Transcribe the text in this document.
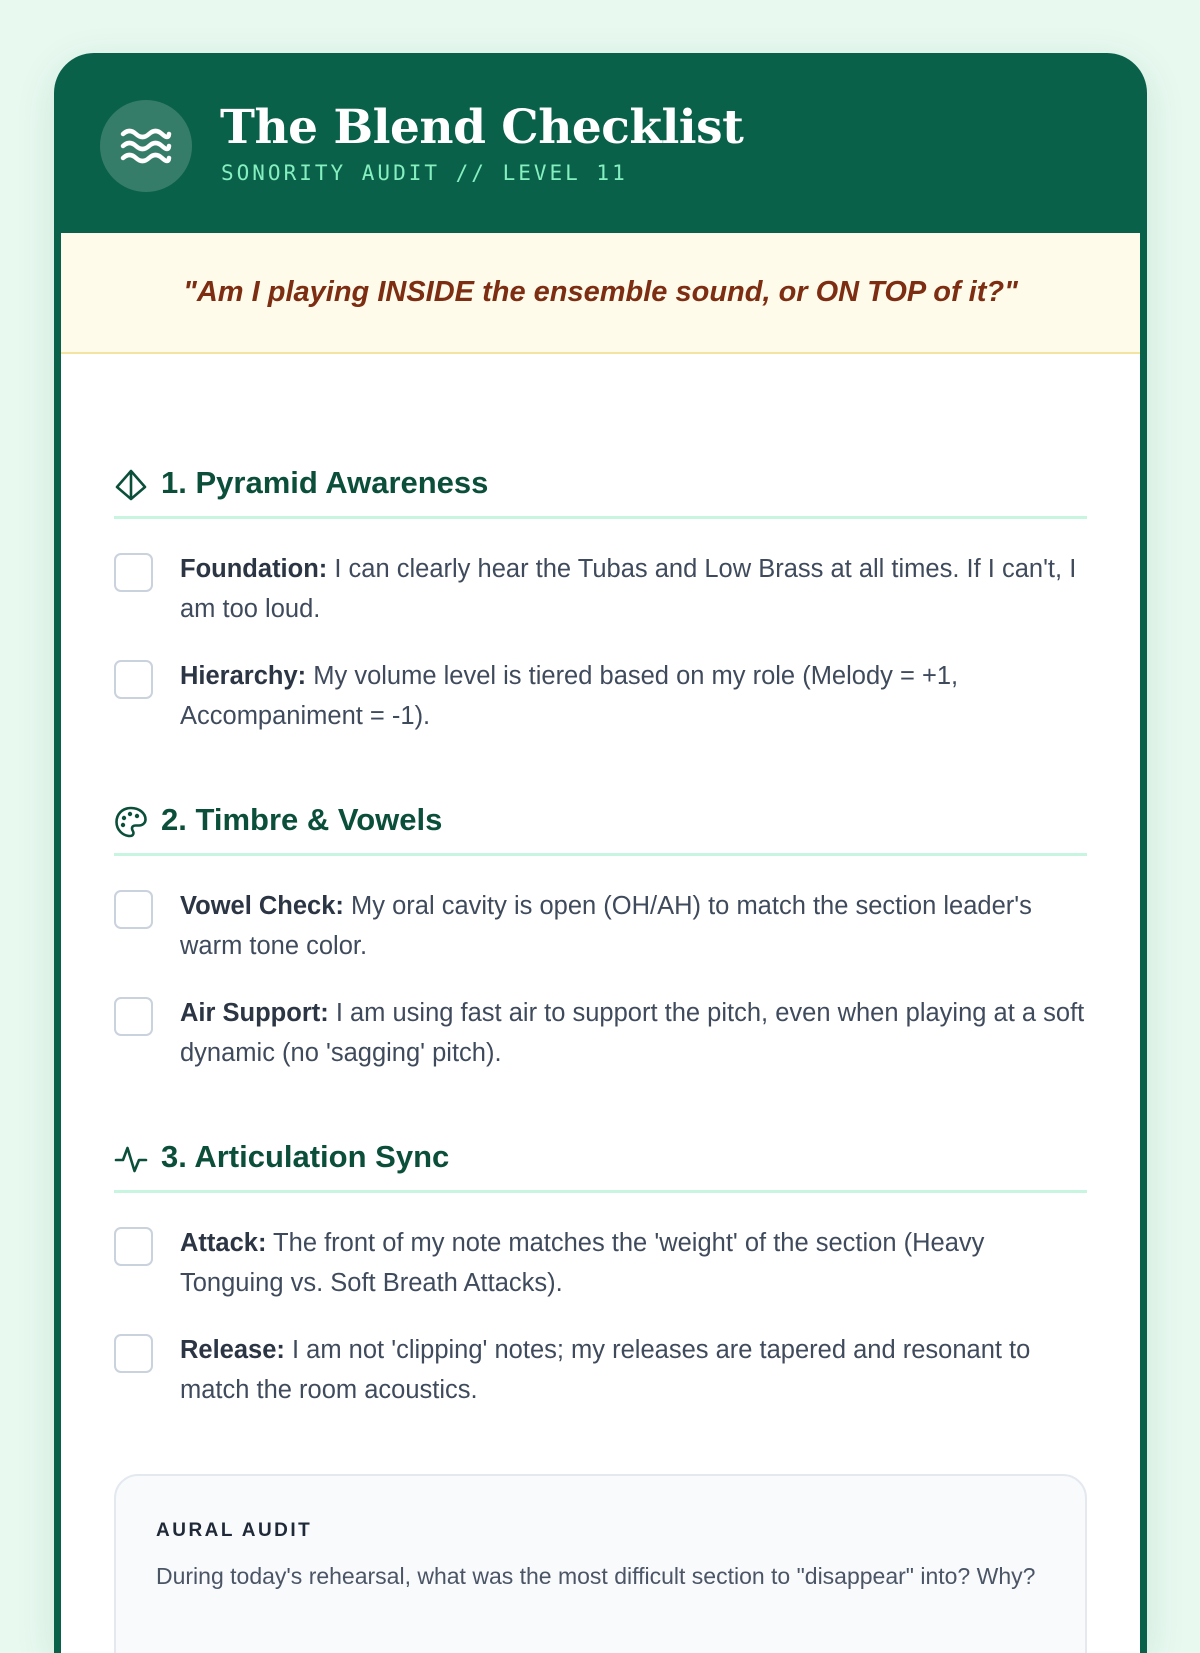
The Blend Checklist
SONORITY AUDIT // LEVEL 11
"Am I playing INSIDE the ensemble sound, or ON TOP of it?"
1. Pyramid Awareness
Foundation: I can clearly hear the Tubas and Low Brass at all times. If I can't, I am too loud.
Hierarchy: My volume level is tiered based on my role (Melody = +1, Accompaniment = -1).
2. Timbre & Vowels
Vowel Check: My oral cavity is open (OH/AH) to match the section leader's warm tone color.
Air Support: I am using fast air to support the pitch, even when playing at a soft dynamic (no 'sagging' pitch).
3. Articulation Sync
Attack: The front of my note matches the 'weight' of the section (Heavy Tonguing vs. Soft Breath Attacks).
Release: I am not 'clipping' notes; my releases are tapered and resonant to match the room acoustics.
AURAL AUDIT
During today's rehearsal, what was the most difficult section to "disappear" into? Why?
